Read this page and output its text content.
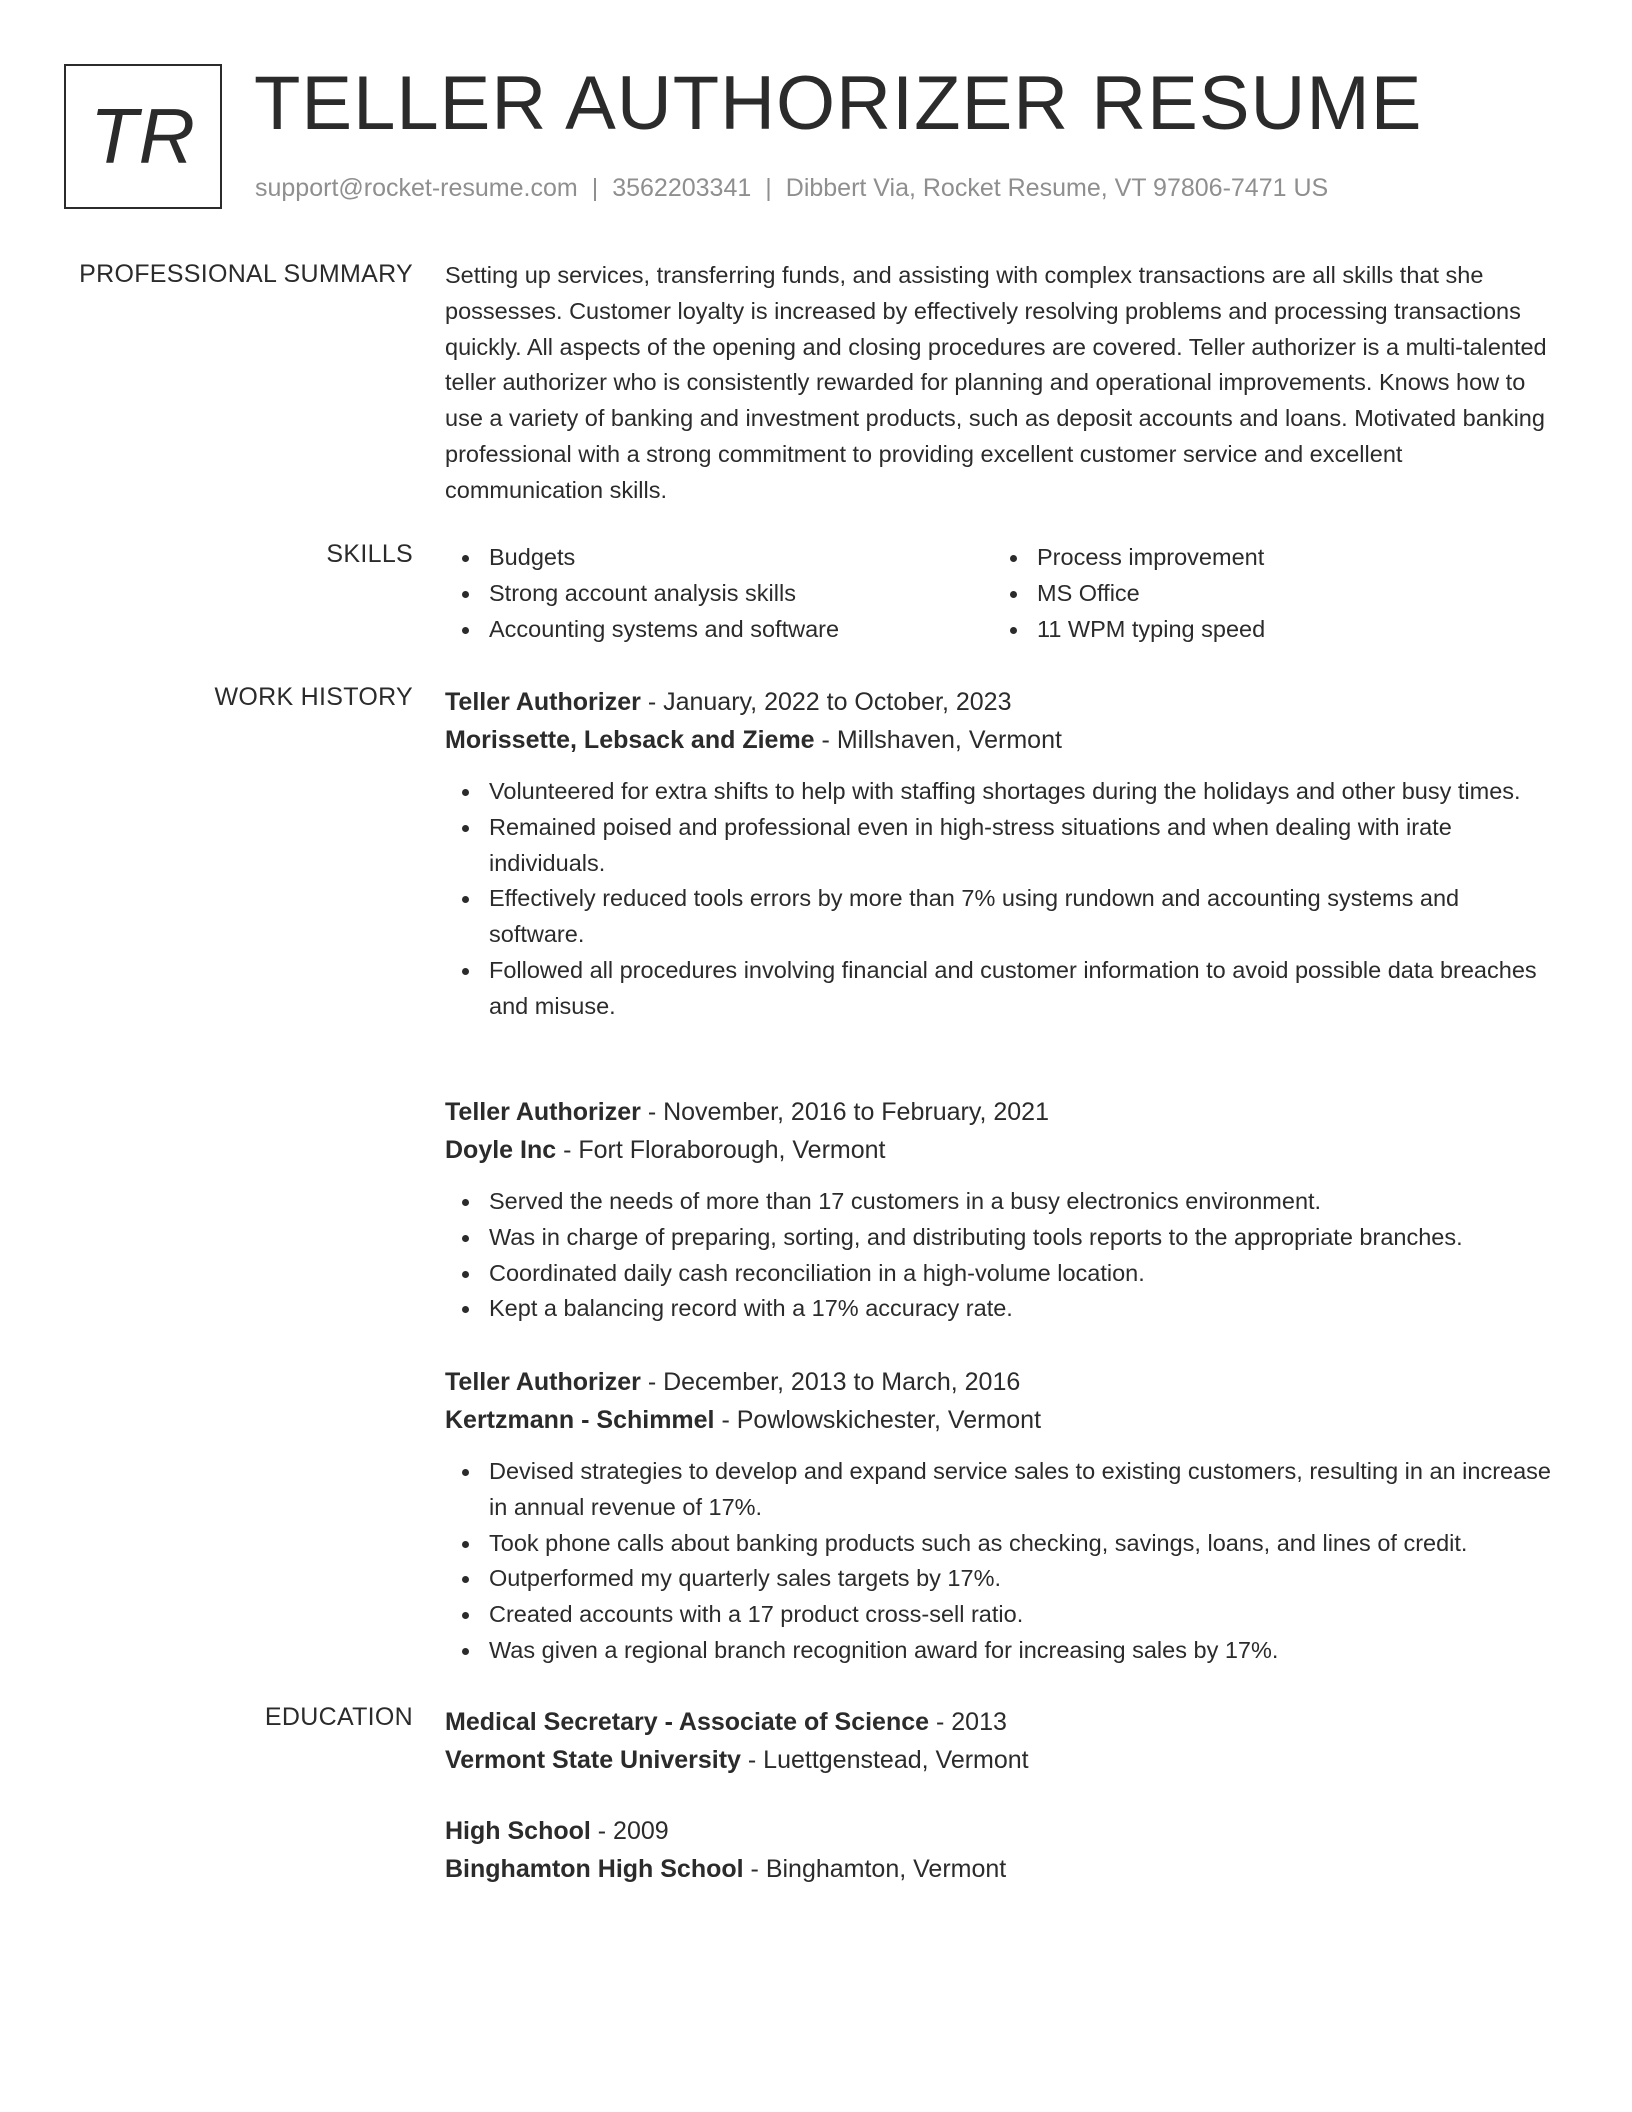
TR TELLER AUTHORIZER RESUME
support@rocket-resume.com | 3562203341 | Dibbert Via, Rocket Resume, VT 97806-7471 US
PROFESSIONAL SUMMARY Setting up services, transferring funds, and assisting with complex transactions are all skills that she possesses. Customer loyalty is increased by effectively resolving problems and processing transactions quickly. All aspects of the opening and closing procedures are covered. Teller authorizer is a multi-talented teller authorizer who is consistently rewarded for planning and operational improvements. Knows how to use a variety of banking and investment products, such as deposit accounts and loans. Motivated banking professional with a strong commitment to providing excellent customer service and excellent communication skills.
SKILLS	Budgets
Strong account analysis skills
Accounting systems and software
Process improvement
MS Office
11 WPM typing speed
WORK HISTORY Teller Authorizer - January, 2022 to October, 2023
Morissette, Lebsack and Zieme - Millshaven, Vermont
Volunteered for extra shifts to help with staffing shortages during the holidays and other busy times.
Remained poised and professional even in high-stress situations and when dealing with irate individuals.
Effectively reduced tools errors by more than 7% using rundown and accounting systems and software.
Followed all procedures involving financial and customer information to avoid possible data breaches and misuse.
Teller Authorizer - November, 2016 to February, 2021
Doyle Inc - Fort Floraborough, Vermont
Served the needs of more than 17 customers in a busy electronics environment.
Was in charge of preparing, sorting, and distributing tools reports to the appropriate branches.
Coordinated daily cash reconciliation in a high-volume location.
Kept a balancing record with a 17% accuracy rate.
Teller Authorizer - December, 2013 to March, 2016
Kertzmann - Schimmel - Powlowskichester, Vermont
Devised strategies to develop and expand service sales to existing customers, resulting in an increase in annual revenue of 17%.
Took phone calls about banking products such as checking, savings, loans, and lines of credit.
Outperformed my quarterly sales targets by 17%.
Created accounts with a 17 product cross-sell ratio.
Was given a regional branch recognition award for increasing sales by 17%.
EDUCATION Medical Secretary - Associate of Science - 2013
Vermont State University - Luettgenstead, Vermont
High School - 2009
Binghamton High School - Binghamton, Vermont
